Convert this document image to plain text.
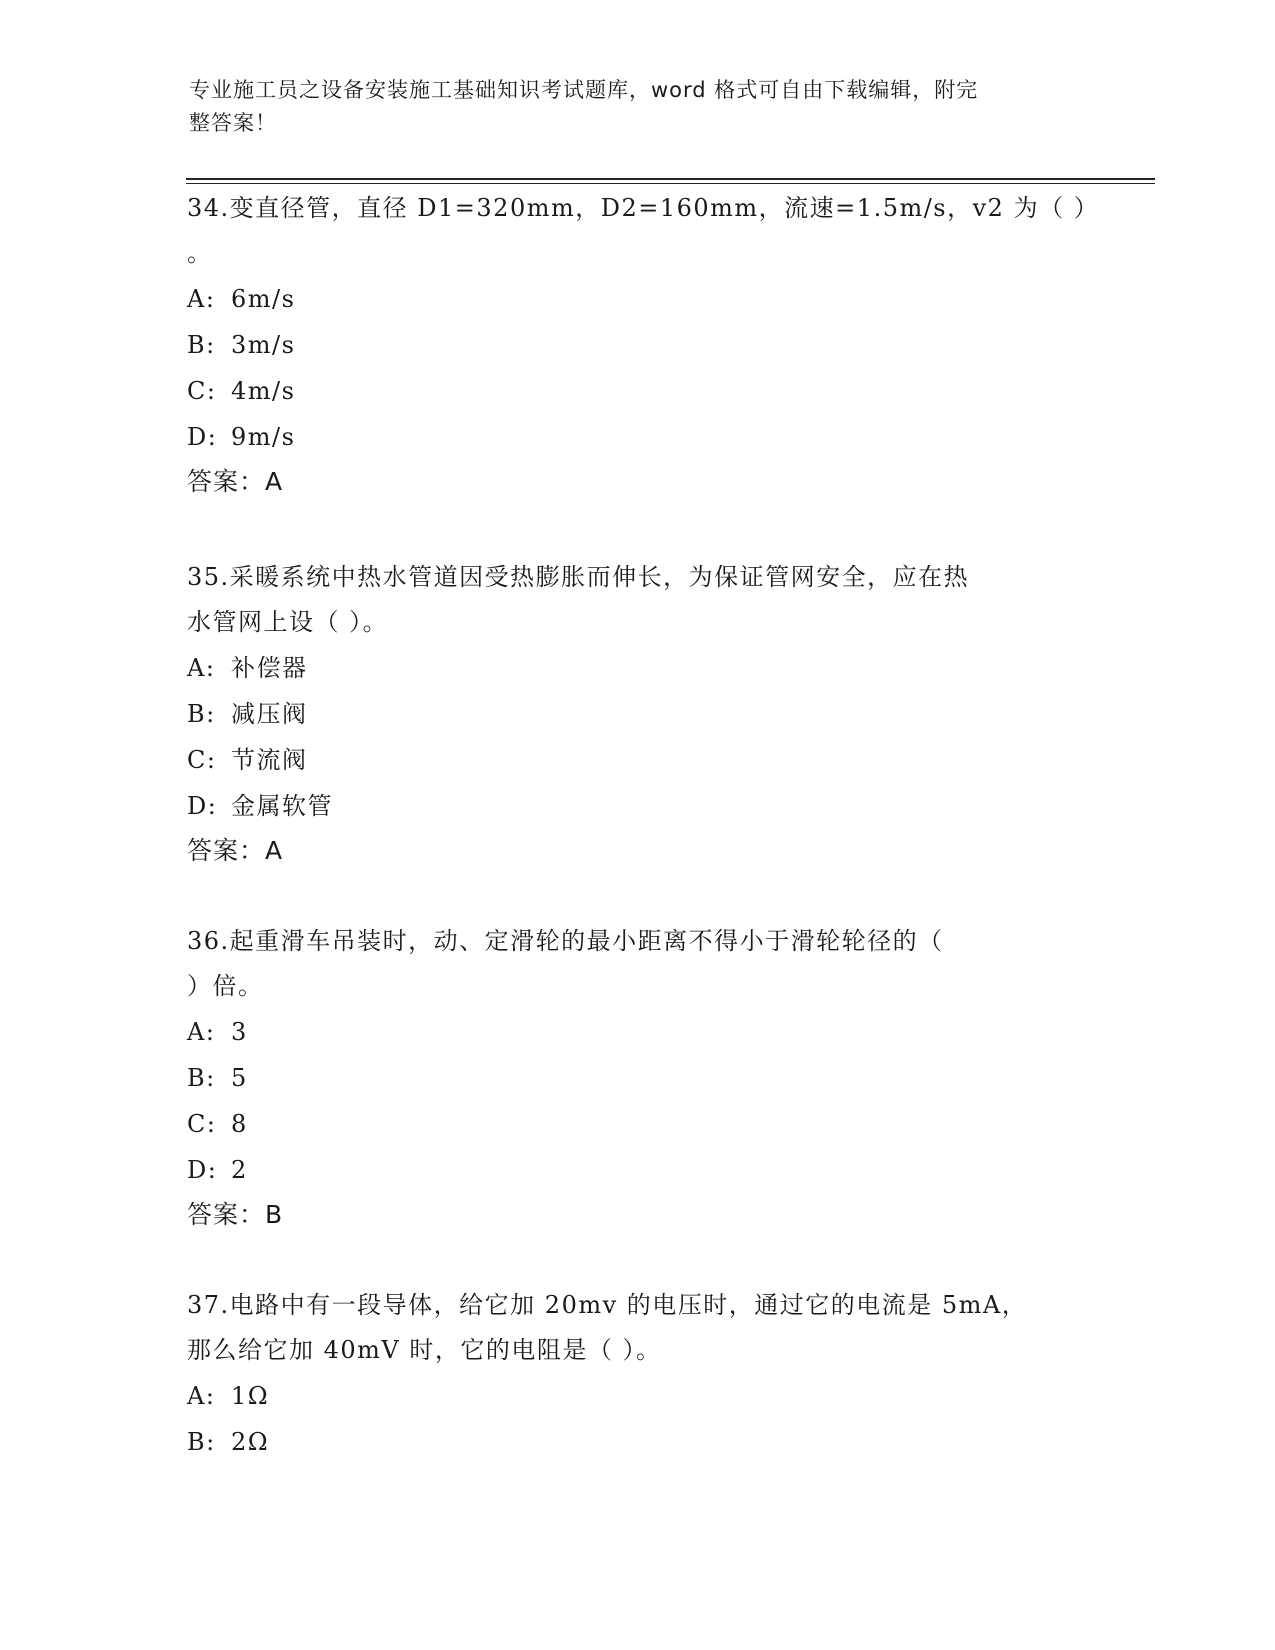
专业施工员之设备安装施工基础知识考试题库，word 格式可自由下载编辑，附完
整答案！
34.变直径管，直径 D1=320mm，D2=160mm，流速=1.5m/s，v2 为（ ）
。
A: 6m/s
B: 3m/s
C: 4m/s
D: 9m/s
答案：A
35.采暖系统中热水管道因受热膨胀而伸长，为保证管网安全，应在热
水管网上设（ ）。
A: 补偿器
B: 减压阀
C: 节流阀
D: 金属软管
答案：A
36.起重滑车吊装时，动、定滑轮的最小距离不得小于滑轮轮径的（
）倍。
A: 3
B: 5
C: 8
D: 2
答案：B
37.电路中有一段导体，给它加 20mv 的电压时，通过它的电流是 5mA，
那么给它加 40mV 时，它的电阻是（ ）。
A: 1Ω
B: 2Ω
